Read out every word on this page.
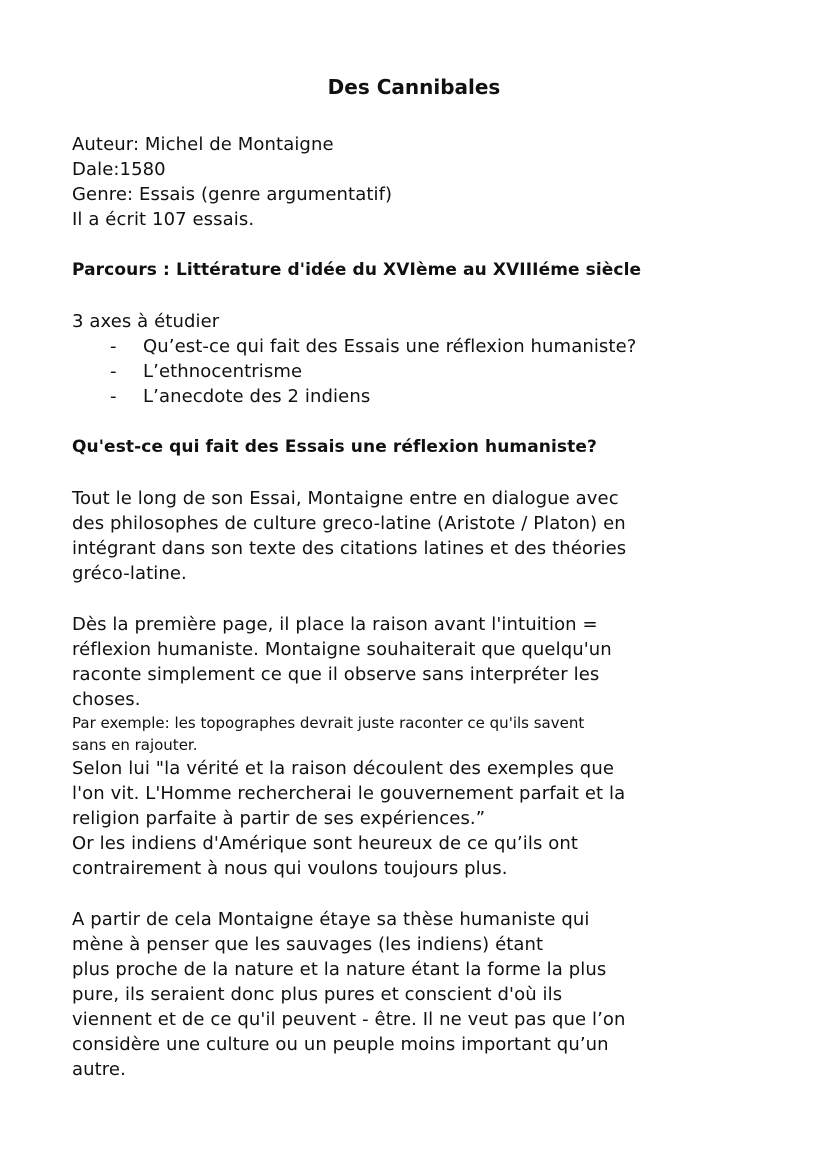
Des Cannibales
Auteur: Michel de Montaigne
Dale:1580
Genre: Essais (genre argumentatif)
Il a écrit 107 essais.
Parcours : Littérature d'idée du XVIème au XVIIIéme siècle
3 axes à étudier
-	Qu’est-ce qui fait des Essais une réflexion humaniste?
-	L’ethnocentrisme
-	L’anecdote des 2 indiens
Qu'est-ce qui fait des Essais une réflexion humaniste?
Tout le long de son Essai, Montaigne entre en dialogue avec
des philosophes de culture greco-latine (Aristote / Platon) en
intégrant dans son texte des citations latines et des théories
gréco-latine.
Dès la première page, il place la raison avant l'intuition =
réflexion humaniste. Montaigne souhaiterait que quelqu'un
raconte simplement ce que il observe sans interpréter les
choses.
Par exemple: les topographes devrait juste raconter ce qu'ils savent
sans en rajouter.
Selon lui "la vérité et la raison découlent des exemples que
l'on vit. L'Homme rechercherai le gouvernement parfait et la
religion parfaite à partir de ses expériences.”
Or les indiens d'Amérique sont heureux de ce qu’ils ont
contrairement à nous qui voulons toujours plus.
A partir de cela Montaigne étaye sa thèse humaniste qui
mène à penser que les sauvages (les indiens) étant
plus proche de la nature et la nature étant la forme la plus
pure, ils seraient donc plus pures et conscient d'où ils
viennent et de ce qu'il peuvent - être. Il ne veut pas que l’on
considère une culture ou un peuple moins important qu’un
autre.
